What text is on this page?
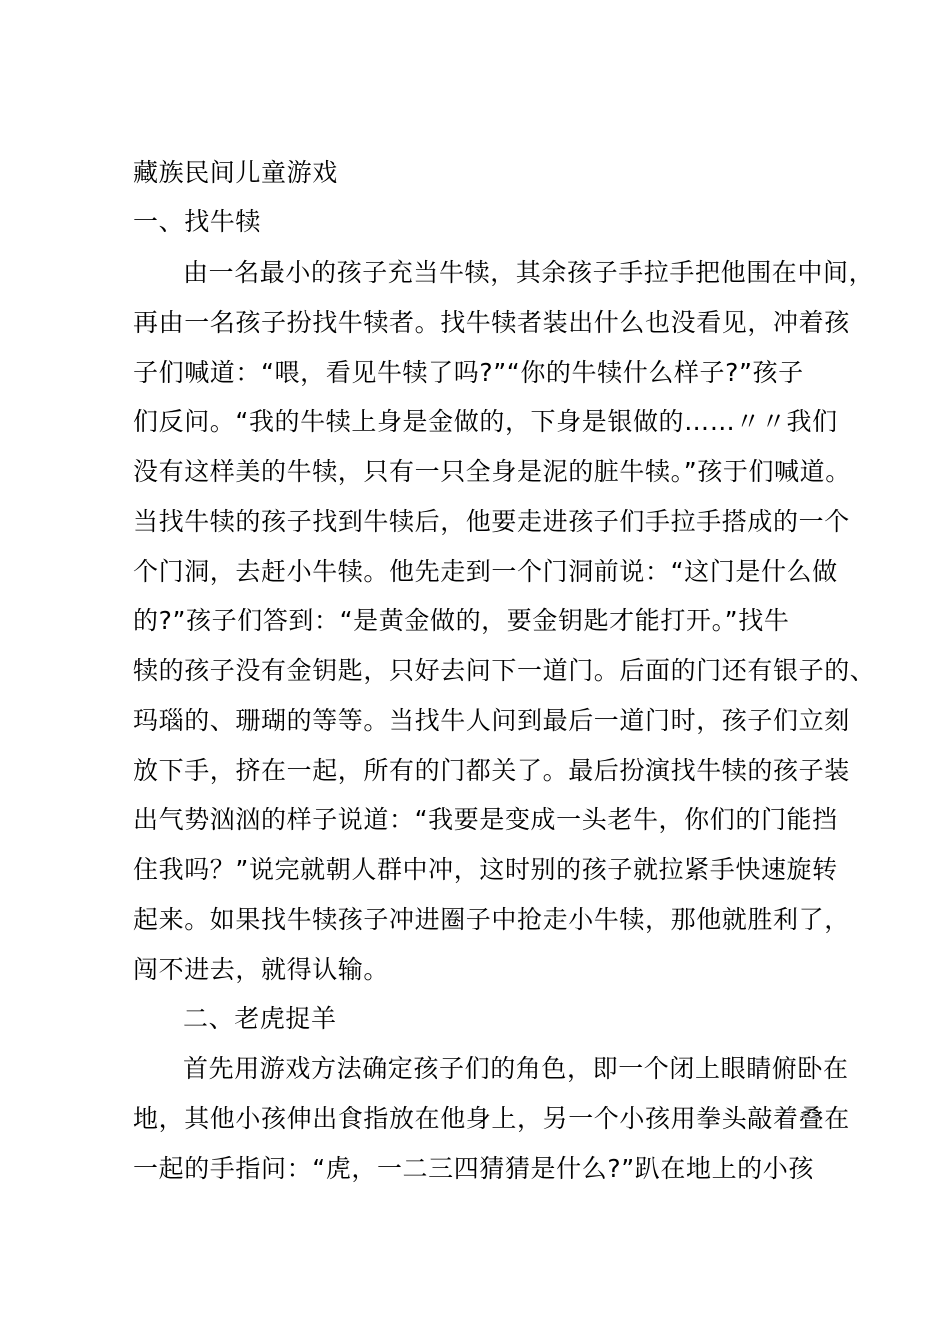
藏族民间儿童游戏
一、找牛犊
由一名最小的孩子充当牛犊，其余孩子手拉手把他围在中间，
再由一名孩子扮找牛犊者。找牛犊者装出什么也没看见，冲着孩
子们喊道：“喂，看见牛犊了吗?”“你的牛犊什么样子?”孩子
们反问。“我的牛犊上身是金做的，下身是银做的……〃〃我们
没有这样美的牛犊，只有一只全身是泥的脏牛犊。”孩于们喊道。
当找牛犊的孩子找到牛犊后，他要走进孩子们手拉手搭成的一个
个门洞，去赶小牛犊。他先走到一个门洞前说：“这门是什么做
的?”孩子们答到：“是黄金做的，要金钥匙才能打开。”找牛
犊的孩子没有金钥匙，只好去问下一道门。后面的门还有银子的、
玛瑙的、珊瑚的等等。当找牛人问到最后一道门时，孩子们立刻
放下手，挤在一起，所有的门都关了。最后扮演找牛犊的孩子装
出气势汹汹的样子说道：“我要是变成一头老牛，你们的门能挡
住我吗？”说完就朝人群中冲，这时别的孩子就拉紧手快速旋转
起来。如果找牛犊孩子冲进圈子中抢走小牛犊，那他就胜利了，
闯不进去，就得认输。
二、老虎捉羊
首先用游戏方法确定孩子们的角色，即一个闭上眼睛俯卧在
地，其他小孩伸出食指放在他身上，另一个小孩用拳头敲着叠在
一起的手指问：“虎，一二三四猜猜是什么?”趴在地上的小孩
